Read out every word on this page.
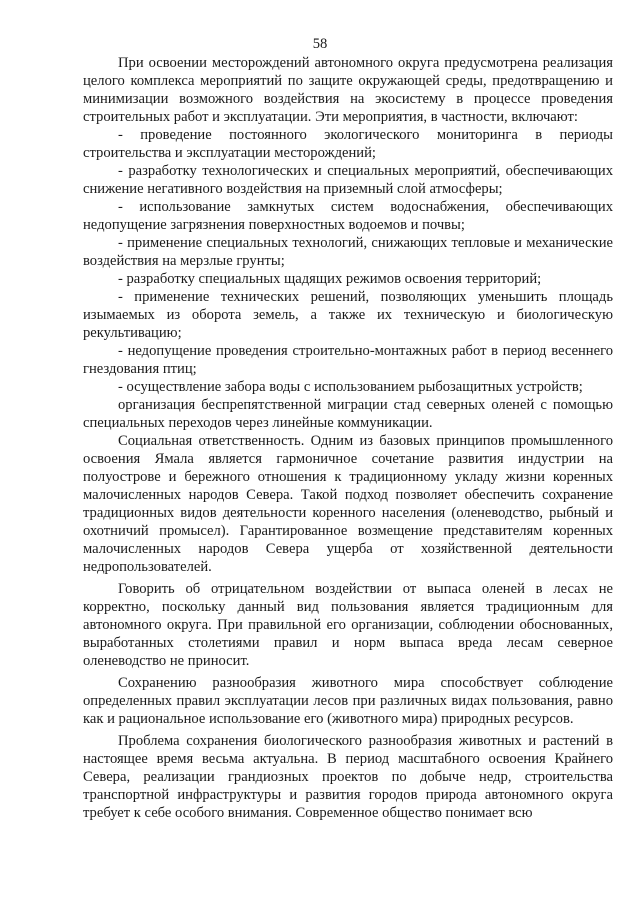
58

При освоении месторождений автономного округа предусмотрена реализация целого комплекса мероприятий по защите окружающей среды, предотвращению и минимизации возможного воздействия на экосистему в процессе проведения строительных работ и эксплуатации. Эти мероприятия, в частности, включают:

- проведение постоянного экологического мониторинга в периоды строительства и эксплуатации месторождений;

- разработку технологических и специальных мероприятий, обеспечивающих снижение негативного воздействия на приземный слой атмосферы;

- использование замкнутых систем водоснабжения, обеспечивающих недопущение загрязнения поверхностных водоемов и почвы;

- применение специальных технологий, снижающих тепловые и механические воздействия на мерзлые грунты;

- разработку специальных щадящих режимов освоения территорий;

- применение технических решений, позволяющих уменьшить площадь изымаемых из оборота земель, а также их техническую и биологическую рекультивацию;

- недопущение проведения строительно-монтажных работ в период весеннего гнездования птиц;

- осуществление забора воды с использованием рыбозащитных устройств;

организация беспрепятственной миграции стад северных оленей с помощью специальных переходов через линейные коммуникации.

Социальная ответственность. Одним из базовых принципов промышленного освоения Ямала является гармоничное сочетание развития индустрии на полуострове и бережного отношения к традиционному укладу жизни коренных малочисленных народов Севера. Такой подход позволяет обеспечить сохранение традиционных видов деятельности коренного населения (оленеводство, рыбный и охотничий промысел). Гарантированное возмещение представителям коренных малочисленных народов Севера ущерба от хозяйственной деятельности недропользователей.

Говорить об отрицательном воздействии от выпаса оленей в лесах не корректно, поскольку данный вид пользования является традиционным для автономного округа. При правильной его организации, соблюдении обоснованных, выработанных столетиями правил и норм выпаса вреда лесам северное оленеводство не приносит.

Сохранению разнообразия животного мира способствует соблюдение определенных правил эксплуатации лесов при различных видах пользования, равно как и рациональное использование его (животного мира) природных ресурсов.

Проблема сохранения биологического разнообразия животных и растений в настоящее время весьма актуальна. В период масштабного освоения Крайнего Севера, реализации грандиозных проектов по добыче недр, строительства транспортной инфраструктуры и развития городов природа автономного округа требует к себе особого внимания. Современное общество понимает всю
